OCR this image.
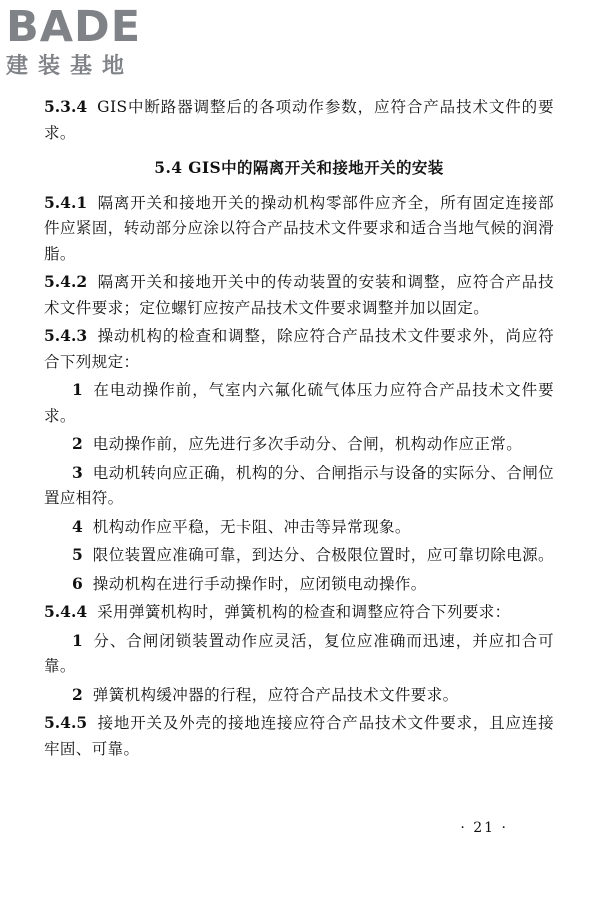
BADE
建装基地

5.3.4 GIS中断路器调整后的各项动作参数，应符合产品技术文件的要求。

5.4 GIS中的隔离开关和接地开关的安装

5.4.1 隔离开关和接地开关的操动机构零部件应齐全，所有固定连接部件应紧固，转动部分应涂以符合产品技术文件要求和适合当地气候的润滑脂。

5.4.2 隔离开关和接地开关中的传动装置的安装和调整，应符合产品技术文件要求；定位螺钉应按产品技术文件要求调整并加以固定。

5.4.3 操动机构的检查和调整，除应符合产品技术文件要求外，尚应符合下列规定：

1 在电动操作前，气室内六氟化硫气体压力应符合产品技术文件要求。

2 电动操作前，应先进行多次手动分、合闸，机构动作应正常。

3 电动机转向应正确，机构的分、合闸指示与设备的实际分、合闸位置应相符。

4 机构动作应平稳，无卡阻、冲击等异常现象。

5 限位装置应准确可靠，到达分、合极限位置时，应可靠切除电源。

6 操动机构在进行手动操作时，应闭锁电动操作。

5.4.4 采用弹簧机构时，弹簧机构的检查和调整应符合下列要求：

1 分、合闸闭锁装置动作应灵活，复位应准确而迅速，并应扣合可靠。

2 弹簧机构缓冲器的行程，应符合产品技术文件要求。

5.4.5 接地开关及外壳的接地连接应符合产品技术文件要求，且应连接牢固、可靠。

· 21 ·
